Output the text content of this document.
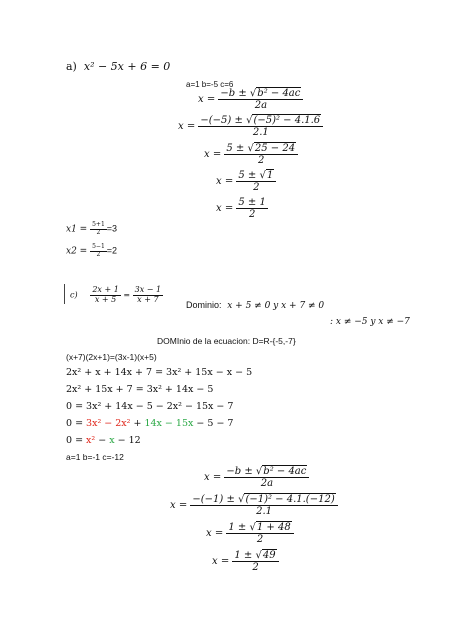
a) x² − 5x + 6 = 0
a=1 b=-5 c=6
$x = \frac{\text{−b ± √b² − 4ac}}{2a}$
$x = \frac{\text{−(−5) ± √(−5)² − 4.1.6}}{2.1}$
$x = \frac{5 \pm √25 - 24}{2}$
$x = \frac{5 \pm √1}{2}$
$x = \frac{5 \pm 1}{2}$
$x1 = \frac{5+1}{2} =3$
$x2 = \frac{5-1}{2} =2$
$c) \frac{2x + 1}{x + 5} = \frac{3x - 1}{x + 7}$
Dominio: x + 5 ≠ 0 y x + 7 ≠ 0
: x ≠ −5 y x ≠ −7
DOMInio de la ecuacion: D=R-{-5,-7}
(x+7)(2x+1)=(3x-1)(x+5)
2x² + x + 14x + 7 = 3x² + 15x − x − 5
2x² + 15x + 7 = 3x² + 14x − 5
0 = 3x² + 14x − 5 − 2x² − 15x − 7
0 = 3x² − 2x² + 14x − 15x − 5 − 7
0 = x² − x − 12
a=1 b=-1 c=-12
$x = \frac{\text{−b ± √b² − 4ac}}{2a}$
$x = \frac{\text{−(−1) ± √(−1)² − 4.1.(−12)}}{2.1}$
$x = \frac{1 \pm √1 + 48}{2}$
$x = \frac{1 \pm √49}{2}$
